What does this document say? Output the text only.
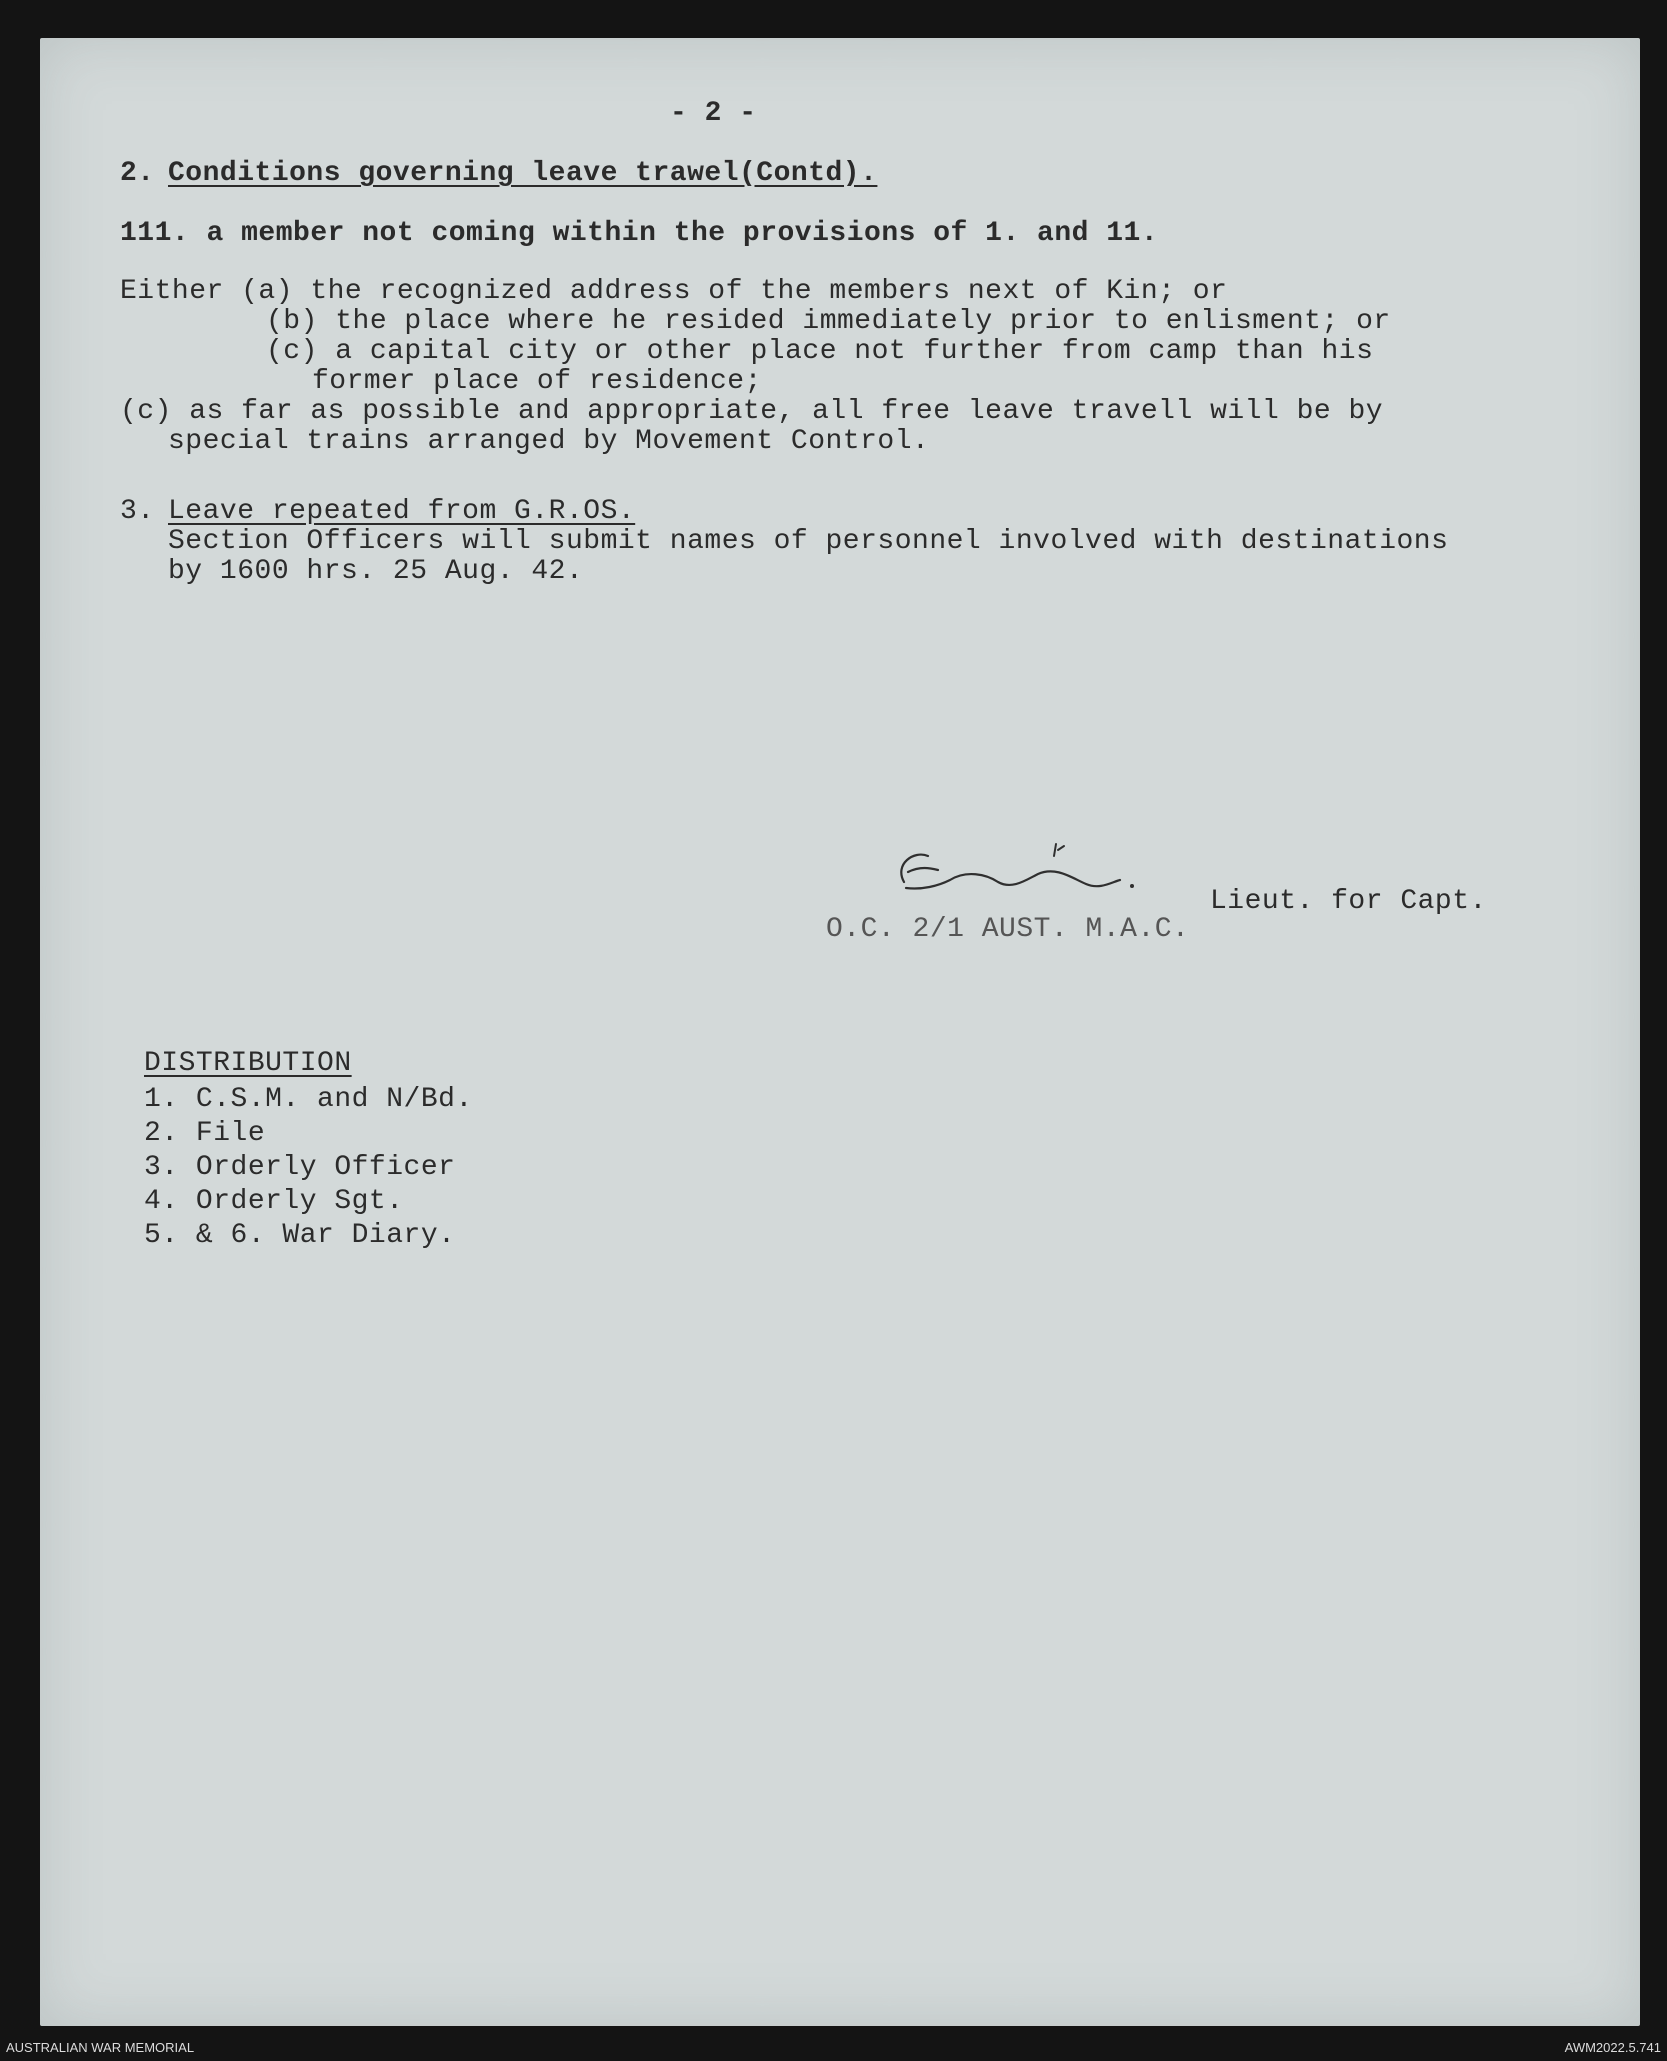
- 2 -
2. Conditions governing leave trawel(Contd).
111. a member not coming within the provisions of 1. and 11.
Either (a) the recognized address of the members next of Kin; or
(b) the place where he resided immediately prior to enlisment; or
(c) a capital city or other place not further from camp than his
former place of residence;
(c) as far as possible and appropriate, all free leave travell will be by
special trains arranged by Movement Control.
3. Leave repeated from G.R.OS.
Section Officers will submit names of personnel involved with destinations
by 1600 hrs. 25 Aug. 42.
Lieut. for Capt.
O.C. 2/1 AUST. M.A.C.
DISTRIBUTION
1. C.S.M. and N/Bd.
2. File
3. Orderly Officer
4. Orderly Sgt.
5. & 6. War Diary.
AUSTRALIAN WAR MEMORIAL	AWM2022.5.741
